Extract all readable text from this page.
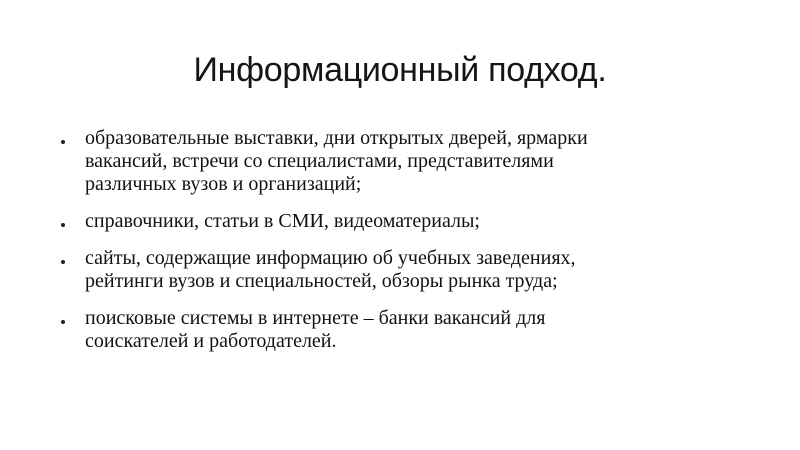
Информационный подход.
образовательные выставки, дни открытых дверей, ярмарки
вакансий, встречи со специалистами, представителями
различных вузов и организаций;
справочники, статьи в СМИ, видеоматериалы;
сайты, содержащие информацию об учебных заведениях,
рейтинги вузов и специальностей, обзоры рынка труда;
поисковые системы в интернете – банки вакансий для
соискателей и работодателей.
